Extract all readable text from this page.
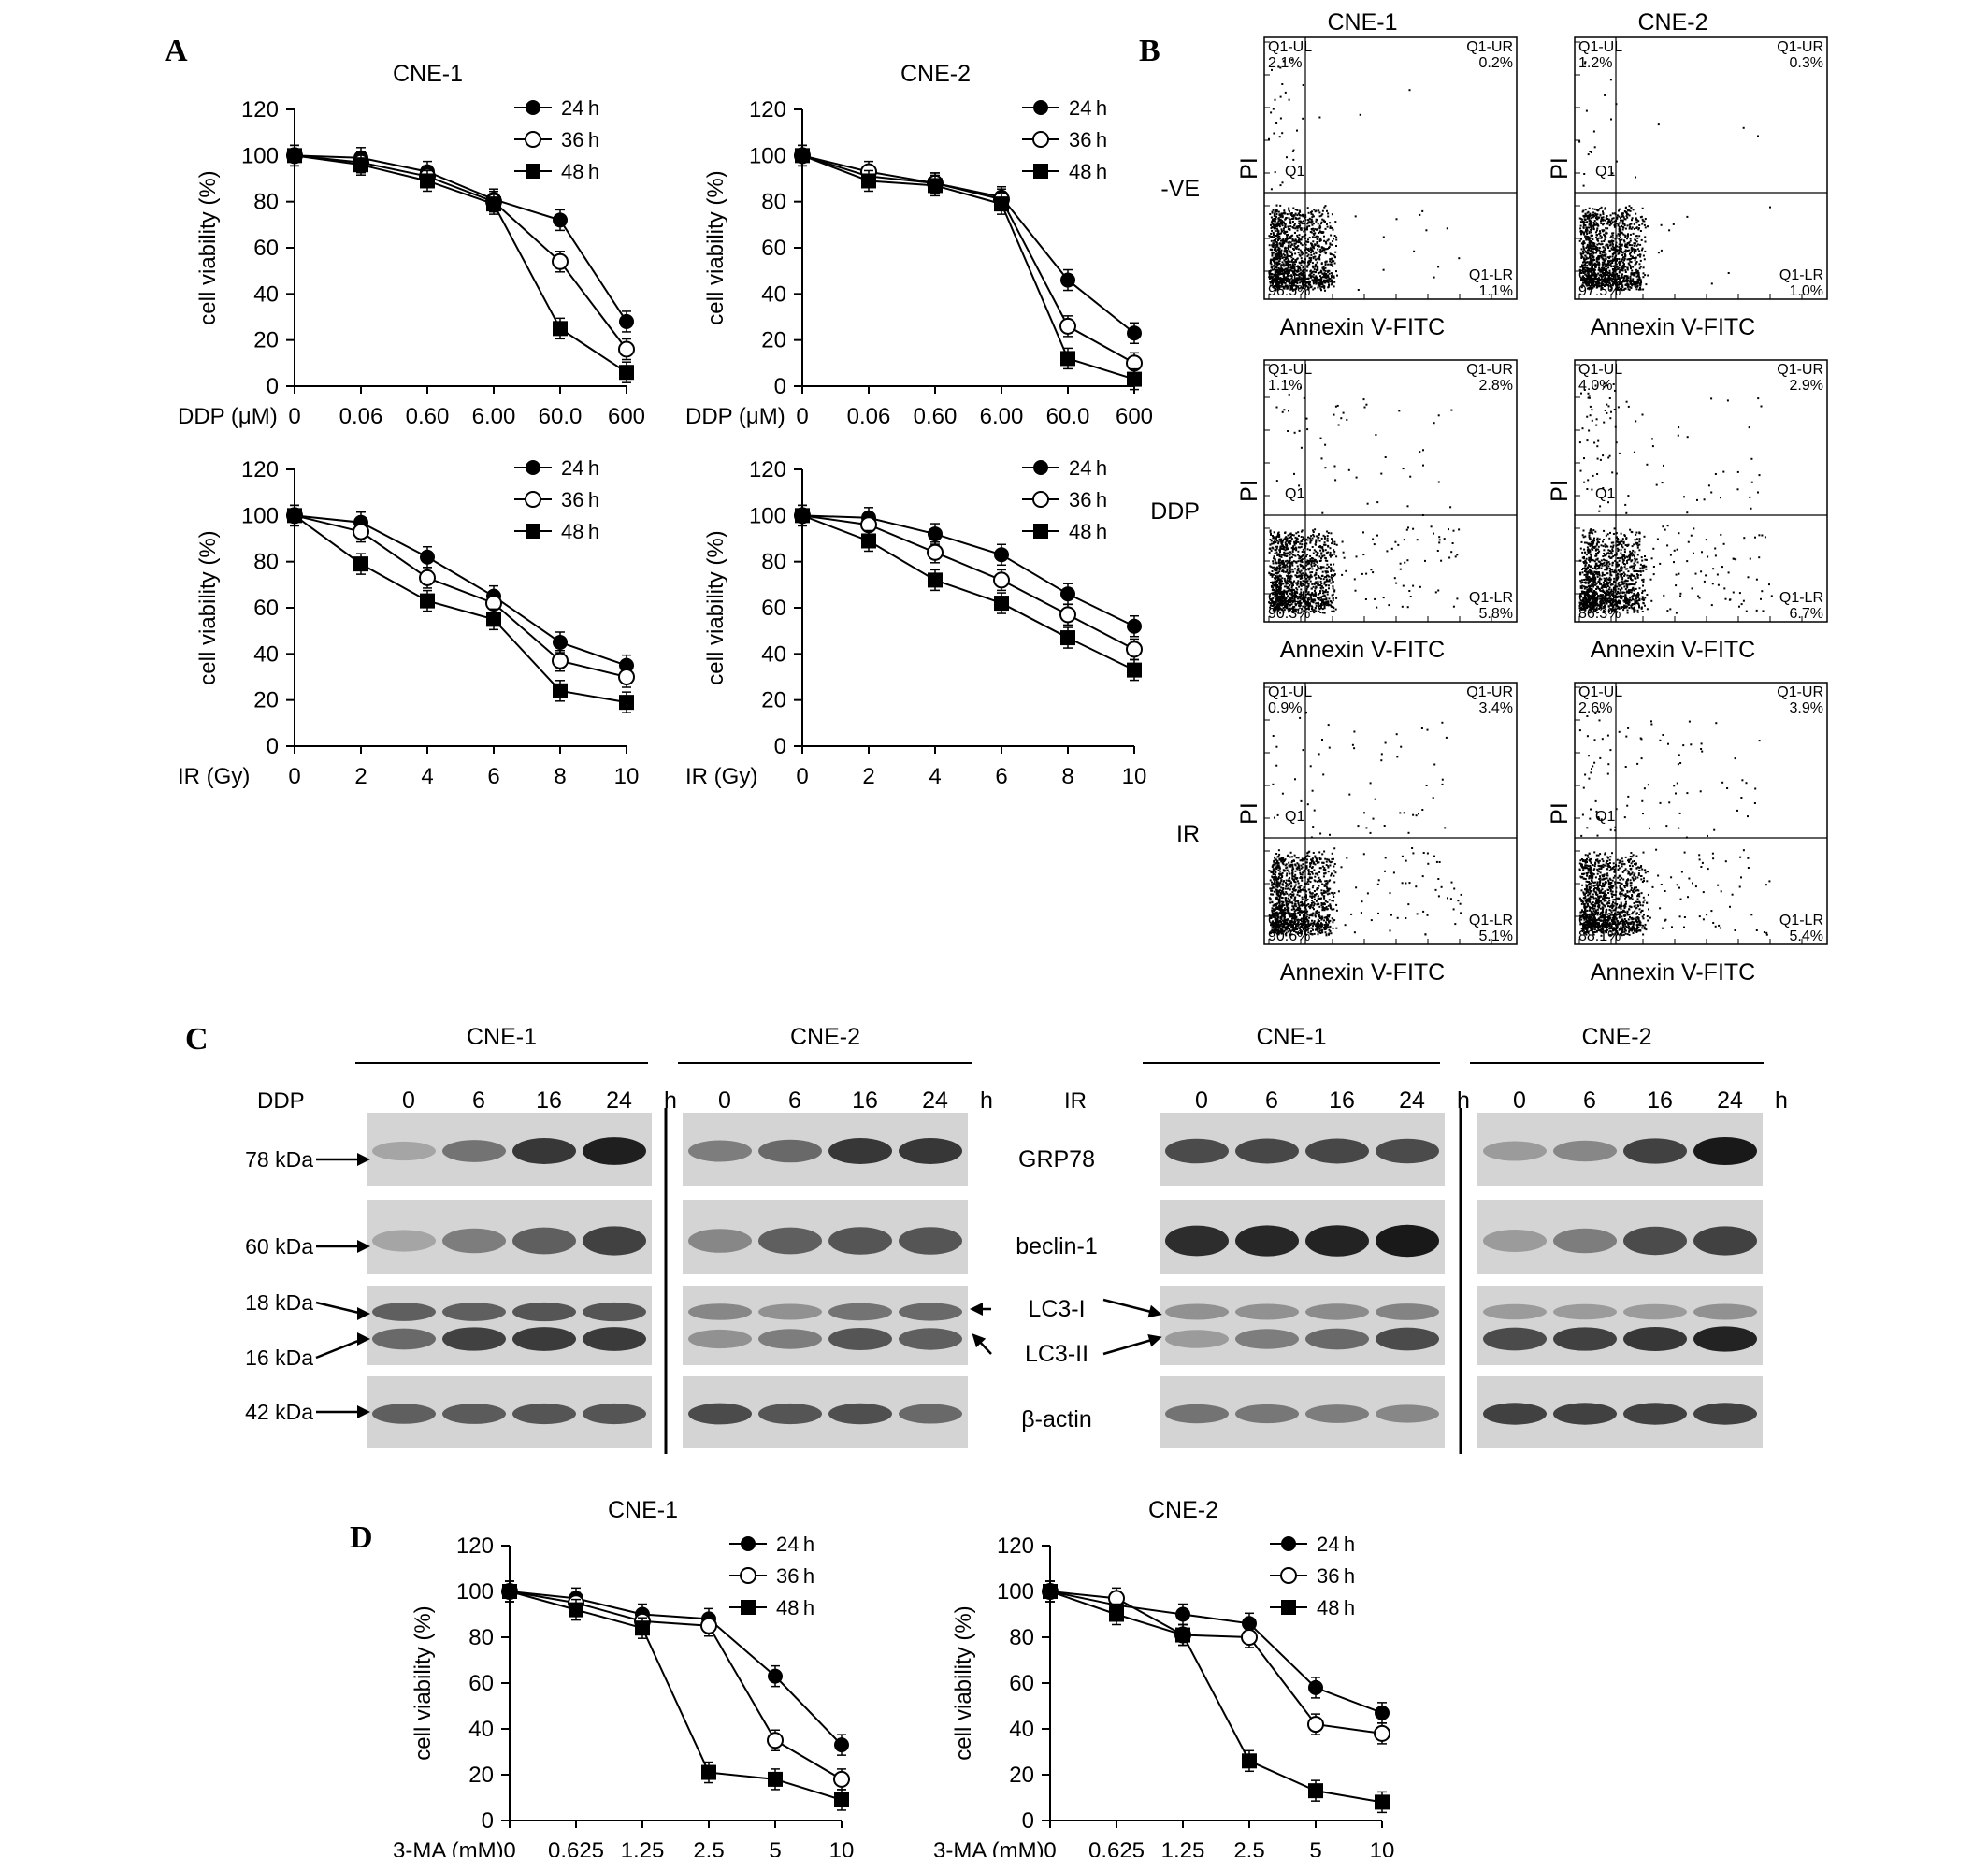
A	B
C
D
0
20
40
60
80
100
120
0 0.06 0.60 6.00 60.0 600
DDP (μM)
cell viability (%)
CNE-1
24 h
36 h
48 h
0
20
40
60
80
100
120
0 0.06 0.60 6.00 60.0 600
DDP (μM)
cell viability (%)
CNE-2
24 h
36 h
48 h
0
20
40
60
80
100
120
0 2 4 6 8 10
IR (Gy)
cell viability (%)
24 h
36 h
48 h
0
20
40
60
80
100
120
0 2 4 6 8 10
IR (Gy)
cell viability (%)
24 h
36 h
48 h
0
20
40
60
80
100
120
0 0.625 1.25 2.5 5 10
3-MA (mM)
cell viability (%)
CNE-1
24 h
36 h
48 h
0
20
40
60
80
100
120
0 0.625 1.25 2.5 5 10
3-MA (mM)
cell viability (%)
CNE-2
24 h
36 h
48 h
CNE-1	CNE-2
-VE
Q1-UL
2.1%
Q1-UR
0.2%
Q1-LL
96.5%
Q1-LR
1.1%
Q1
Annexin V-FITC
PI
Q1-UL
1.2%
Q1-UR
0.3%
Q1-LL
97.5%
Q1-LR
1.0%
Q1
Annexin V-FITC
PI
DDP
Q1-UL
1.1%
Q1-UR
2.8%
Q1-LL
90.3%
Q1-LR
5.8%
Q1
Annexin V-FITC
PI
Q1-UL
4.0%
Q1-UR
2.9%
Q1-LL
86.3%
Q1-LR
6.7%
Q1
Annexin V-FITC
PI
IR
Q1-UL
0.9%
Q1-UR
3.4%
Q1-LL
90.6%
Q1-LR
5.1%
Q1
Annexin V-FITC
PI
Q1-UL
2.6%
Q1-UR
3.9%
Q1-LL
88.1%
Q1-LR
5.4%
Q1
Annexin V-FITC
PI
CNE-1	CNE-2	CNE-1	CNE-2
DDP	IR
0 6 16 24 h 0 6 16 24 h	0 6 16 24 h 0 6 16 24 h
78 kDa
60 kDa
18 kDa
16 kDa
42 kDa
GRP78
beclin-1
LC3-I
LC3-II
β-actin
